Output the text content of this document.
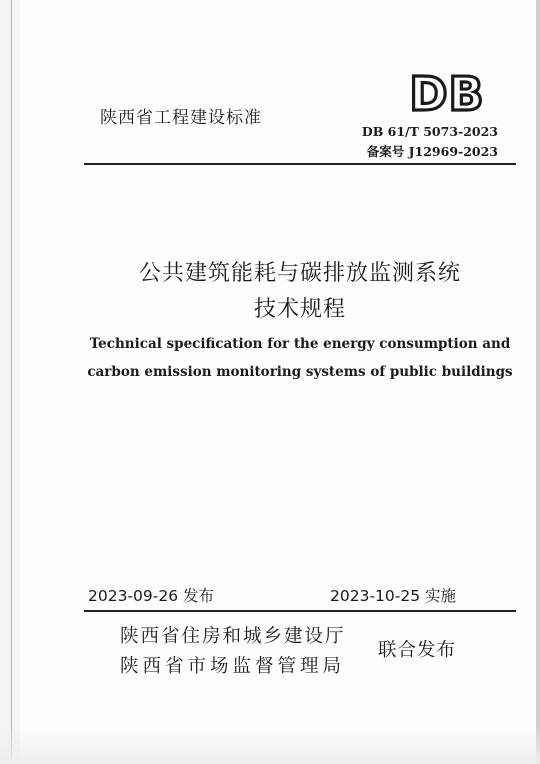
陕西省工程建设标准	DB
DB 61/T 5073-2023
备案号 J12969-2023
公共建筑能耗与碳排放监测系统
技术规程
Technical specification for the energy consumption and
carbon emission monitoring systems of public buildings
2023-09-26 发布	2023-10-25 实施
陕西省住房和城乡建设厅
陕西省市场监督管理局
联合发布
